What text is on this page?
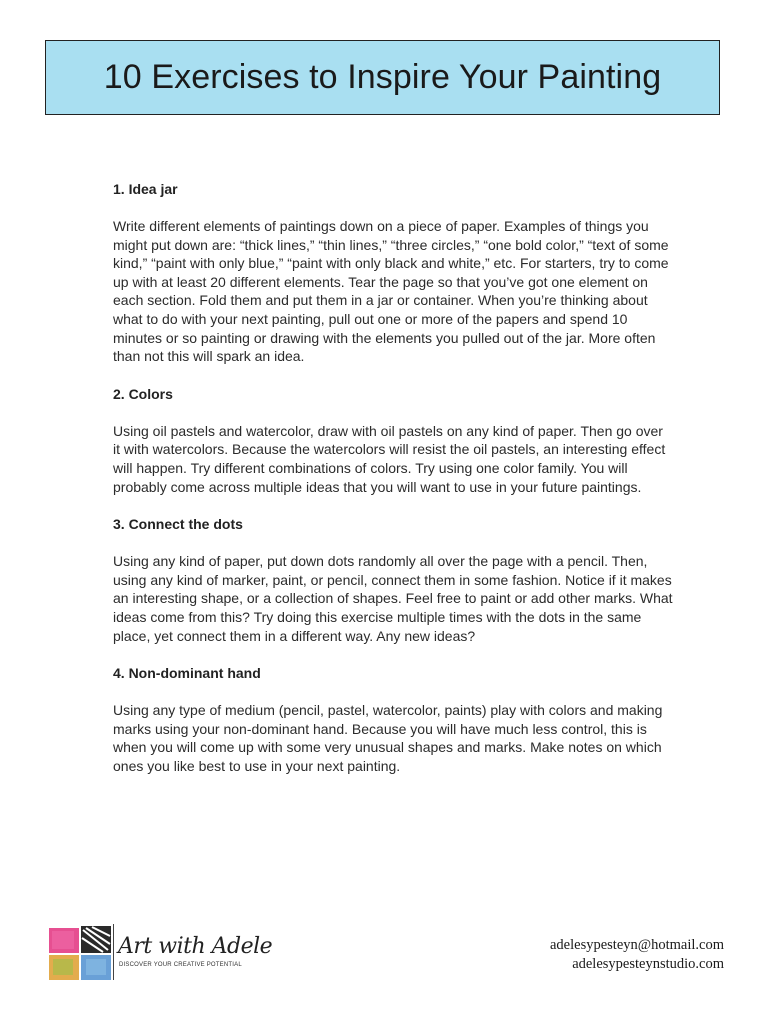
10 Exercises to Inspire Your Painting

1. Idea jar

Write different elements of paintings down on a piece of paper. Examples of things you might put down are: “thick lines,” “thin lines,” “three circles,” “one bold color,” “text of some kind,” “paint with only blue,” “paint with only black and white,” etc. For starters, try to come up with at least 20 different elements. Tear the page so that you’ve got one element on each section. Fold them and put them in a jar or container. When you’re thinking about what to do with your next painting, pull out one or more of the papers and spend 10 minutes or so painting or drawing with the elements you pulled out of the jar. More often than not this will spark an idea.

2. Colors

Using oil pastels and watercolor, draw with oil pastels on any kind of paper. Then go over it with watercolors. Because the watercolors will resist the oil pastels, an interesting effect will happen. Try different combinations of colors. Try using one color family. You will probably come across multiple ideas that you will want to use in your future paintings.

3. Connect the dots

Using any kind of paper, put down dots randomly all over the page with a pencil. Then, using any kind of marker, paint, or pencil, connect them in some fashion. Notice if it makes an interesting shape, or a collection of shapes. Feel free to paint or add other marks. What ideas come from this? Try doing this exercise multiple times with the dots in the same place, yet connect them in a different way. Any new ideas?

4. Non-dominant hand

Using any type of medium (pencil, pastel, watercolor, paints) play with colors and making marks using your non-dominant hand. Because you will have much less control, this is when you will come up with some very unusual shapes and marks. Make notes on which ones you like best to use in your next painting.

Art with Adele
DISCOVER YOUR CREATIVE POTENTIAL
adelesypesteyn@hotmail.com
adelesypesteynstudio.com
